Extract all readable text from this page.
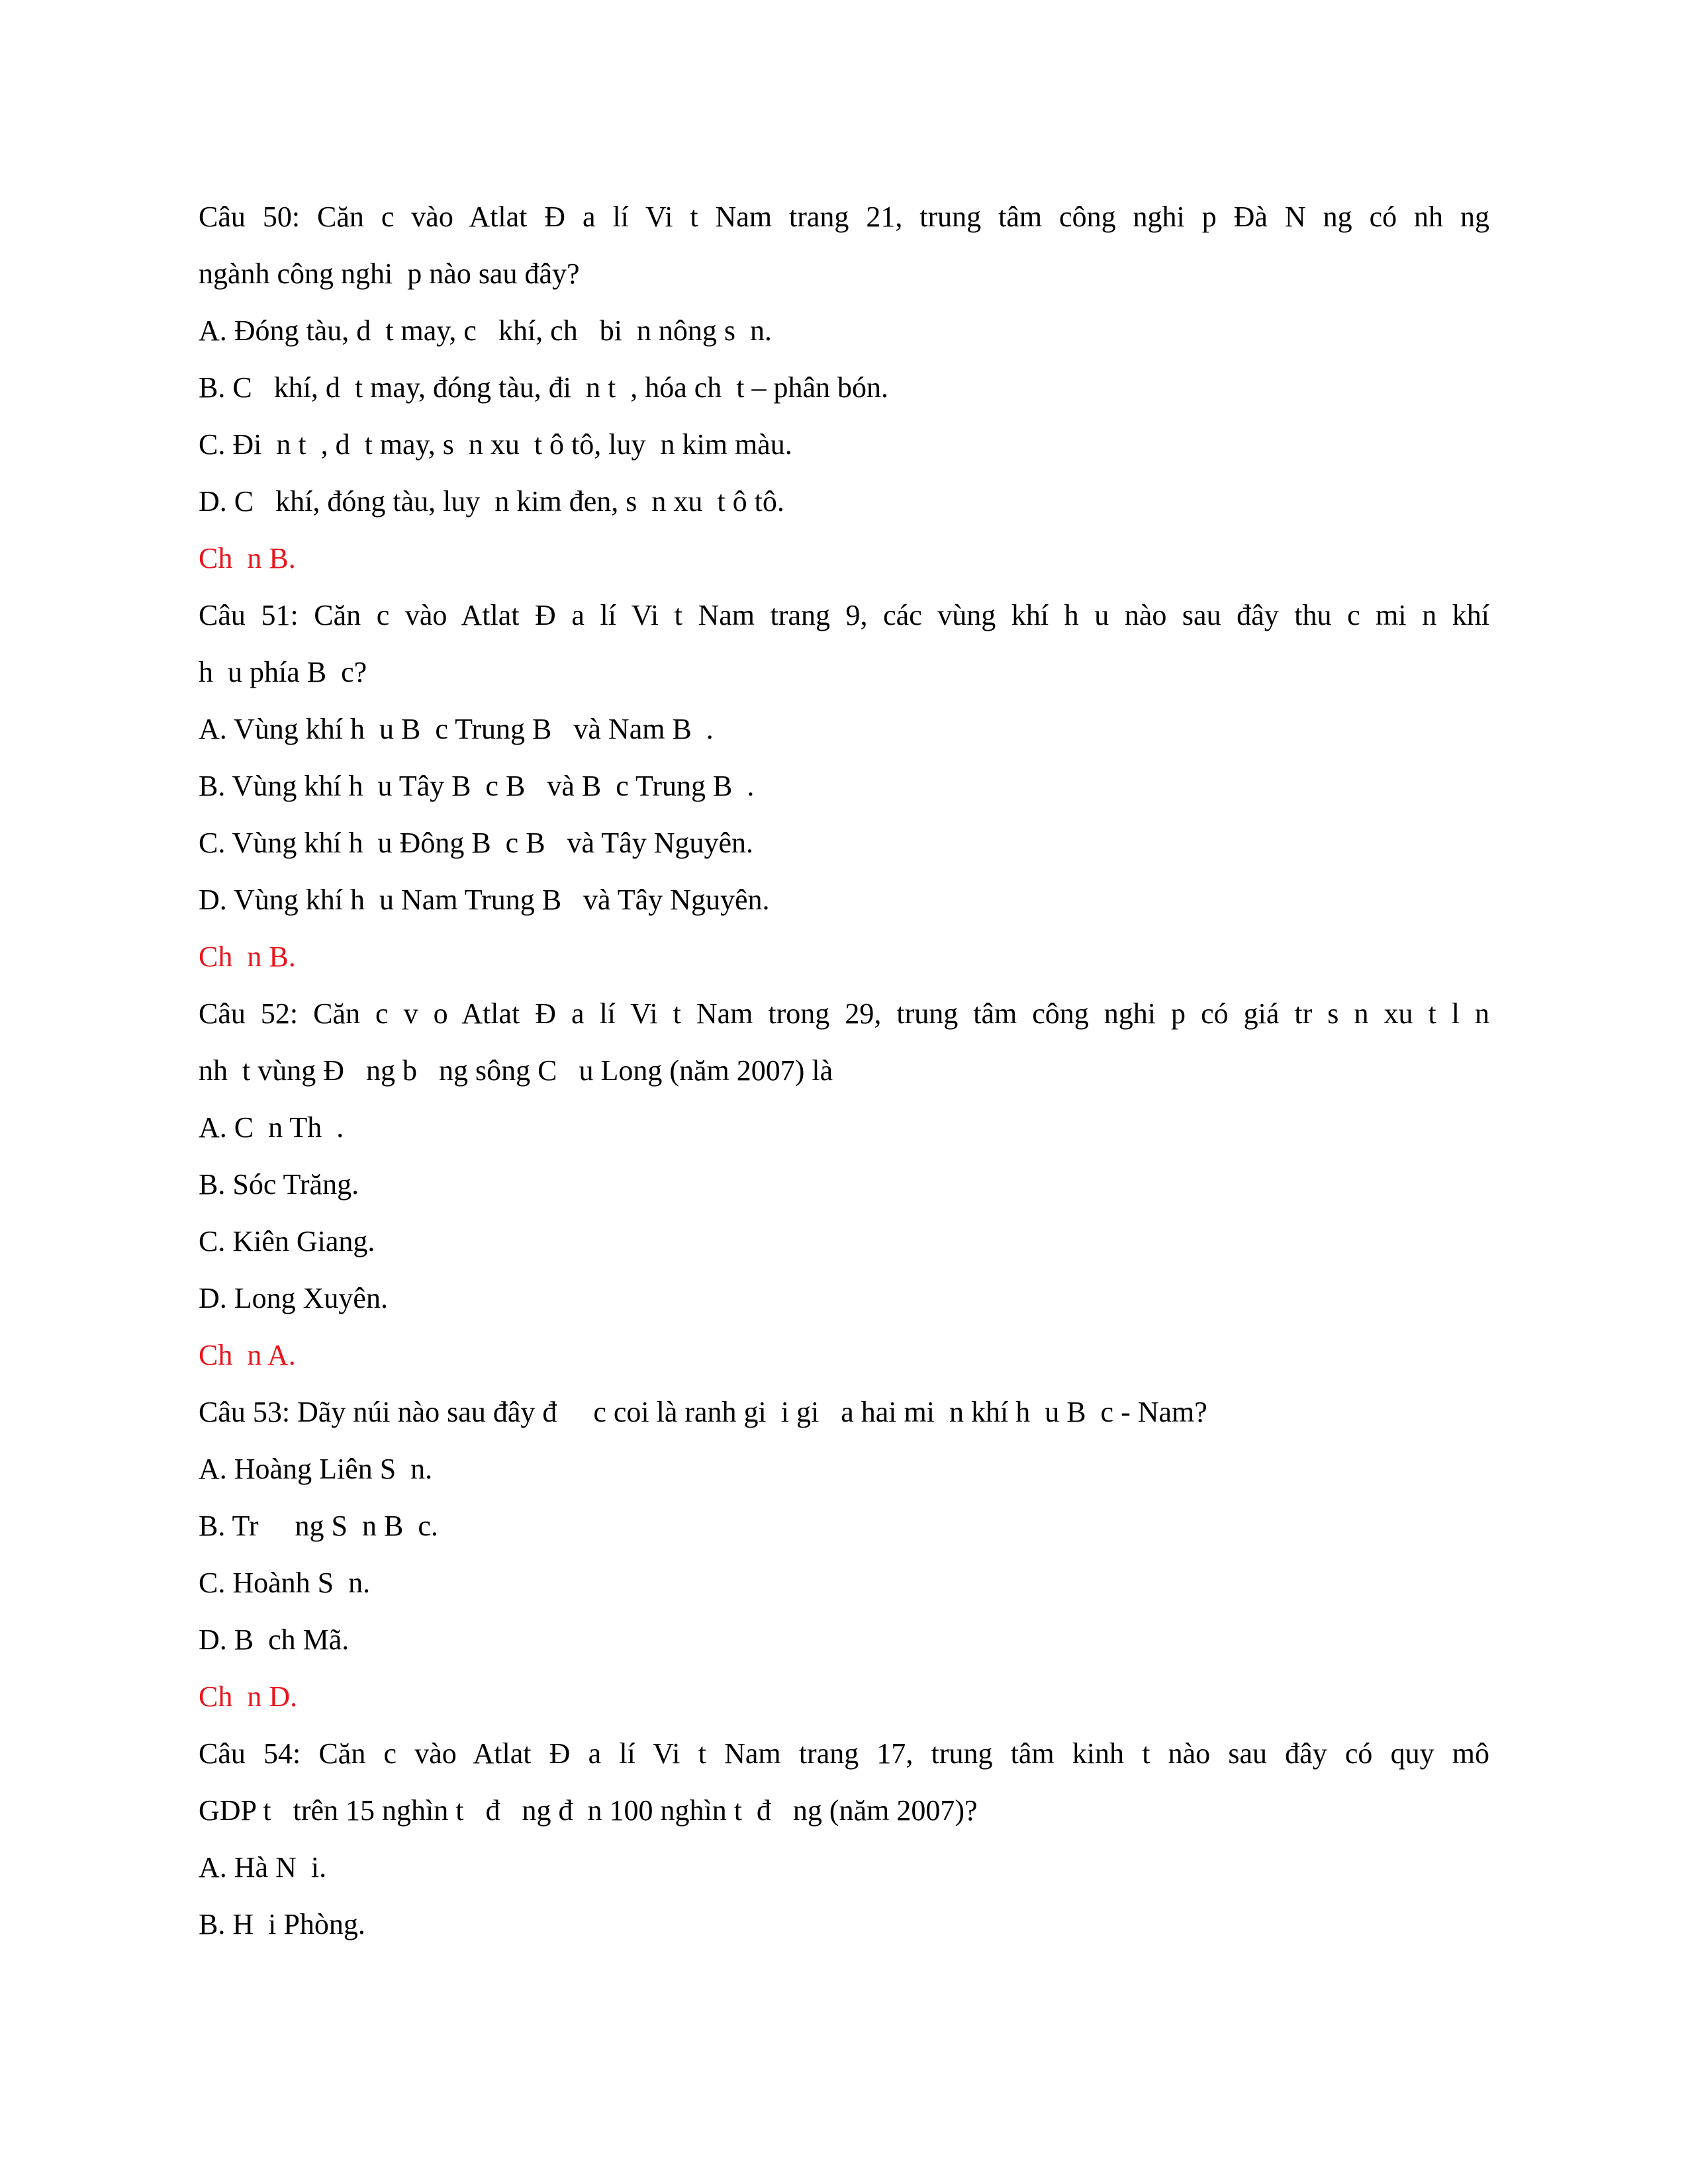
Câu 50: Căn c vào Atlat Đ a lí Vi t Nam trang 21, trung tâm công nghi p Đà N ng có nh ng

ngành công nghi  p nào sau đây?

A. Đóng tàu, d  t may, c   khí, ch   bi  n nông s  n.

B. C   khí, d  t may, đóng tàu, đi  n t  , hóa ch  t – phân bón.

C. Đi  n t  , d  t may, s  n xu  t ô tô, luy  n kim màu.

D. C   khí, đóng tàu, luy  n kim đen, s  n xu  t ô tô.

Ch  n B.

Câu 51: Căn c vào Atlat Đ a lí Vi t Nam trang 9, các vùng khí h u nào sau đây thu c mi n khí

h  u phía B  c?

A. Vùng khí h  u B  c Trung B   và Nam B  .

B. Vùng khí h  u Tây B  c B   và B  c Trung B  .

C. Vùng khí h  u Đông B  c B   và Tây Nguyên.

D. Vùng khí h  u Nam Trung B   và Tây Nguyên.

Ch  n B.

Câu 52: Căn c v o Atlat Đ a lí Vi t Nam trong 29, trung tâm công nghi p có giá tr s n xu t l n

nh  t vùng Đ   ng b   ng sông C   u Long (năm 2007) là

A. C  n Th  .

B. Sóc Trăng.

C. Kiên Giang.

D. Long Xuyên.

Ch  n A.

Câu 53: Dãy núi nào sau đây đ     c coi là ranh gi  i gi   a hai mi  n khí h  u B  c - Nam?

A. Hoàng Liên S  n.

B. Tr     ng S  n B  c.

C. Hoành S  n.

D. B  ch Mã.

Ch  n D.

Câu 54: Căn c vào Atlat Đ a lí Vi t Nam trang 17, trung tâm kinh t nào sau đây có quy mô

GDP t   trên 15 nghìn t   đ   ng đ  n 100 nghìn t  đ   ng (năm 2007)?

A. Hà N  i.

B. H  i Phòng.
